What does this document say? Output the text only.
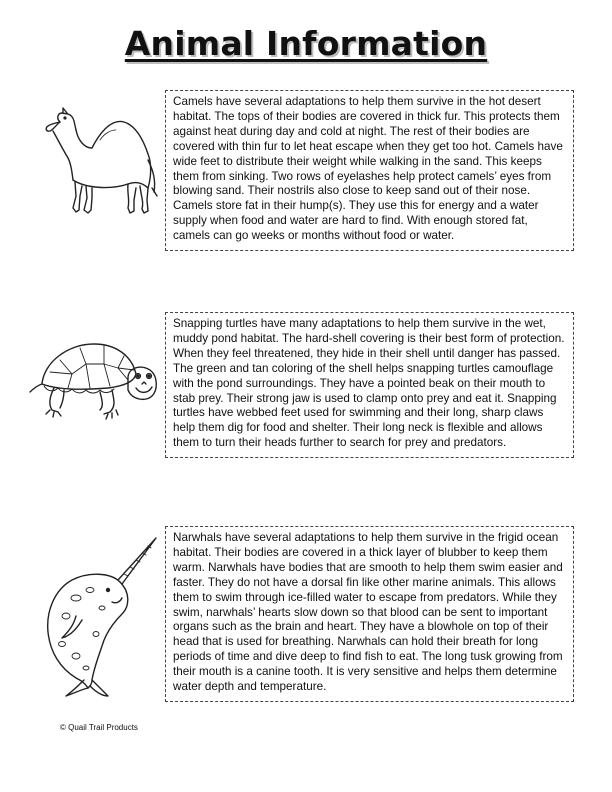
Animal Information

Camels have several adaptations to help them survive in the hot desert habitat. The tops of their bodies are covered in thick fur. This protects them against heat during day and cold at night. The rest of their bodies are covered with thin fur to let heat escape when they get too hot. Camels have wide feet to distribute their weight while walking in the sand. This keeps them from sinking. Two rows of eyelashes help protect camels’ eyes from blowing sand. Their nostrils also close to keep sand out of their nose. Camels store fat in their hump(s). They use this for energy and a water supply when food and water are hard to find. With enough stored fat, camels can go weeks or months without food or water.

Snapping turtles have many adaptations to help them survive in the wet, muddy pond habitat. The hard-shell covering is their best form of protection. When they feel threatened, they hide in their shell until danger has passed. The green and tan coloring of the shell helps snapping turtles camouflage with the pond surroundings. They have a pointed beak on their mouth to stab prey. Their strong jaw is used to clamp onto prey and eat it. Snapping turtles have webbed feet used for swimming and their long, sharp claws help them dig for food and shelter. Their long neck is flexible and allows them to turn their heads further to search for prey and predators.

Narwhals have several adaptations to help them survive in the frigid ocean habitat. Their bodies are covered in a thick layer of blubber to keep them warm. Narwhals have bodies that are smooth to help them swim easier and faster. They do not have a dorsal fin like other marine animals. This allows them to swim through ice-filled water to escape from predators. While they swim, narwhals’ hearts slow down so that blood can be sent to important organs such as the brain and heart. They have a blowhole on top of their head that is used for breathing. Narwhals can hold their breath for long periods of time and dive deep to find fish to eat. The long tusk growing from their mouth is a canine tooth. It is very sensitive and helps them determine water depth and temperature.

© Quail Trail Products
